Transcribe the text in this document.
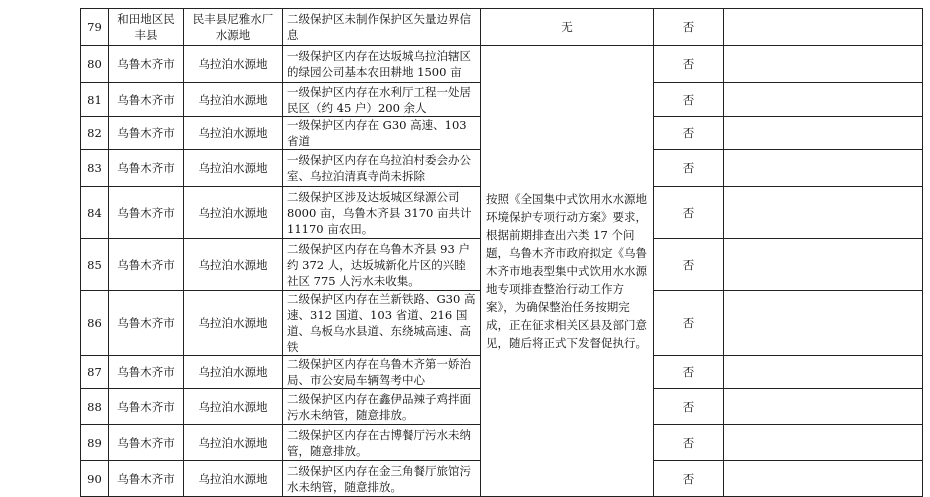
79	和田地区民丰县	民丰县尼雅水厂水源地	二级保护区未制作保护区矢量边界信息	无	否	
80	乌鲁木齐市	乌拉泊水源地	一级保护区内存在达坂城乌拉泊辖区的绿园公司基本农田耕地 1500 亩	按照《全国集中式饮用水水源地环境保护专项行动方案》要求，根据前期排查出六类 17 个问题，乌鲁木齐市政府拟定《乌鲁木齐市地表型集中式饮用水水源地专项排查整治行动工作方案》，为确保整治任务按期完成，正在征求相关区县及部门意见，随后将正式下发督促执行。	否	
81	乌鲁木齐市	乌拉泊水源地	一级保护区内存在水利厅工程一处居民区（约 45 户）200 余人		否	
82	乌鲁木齐市	乌拉泊水源地	一级保护区内存在 G30 高速、103 省道		否	
83	乌鲁木齐市	乌拉泊水源地	一级保护区内存在乌拉泊村委会办公室、乌拉泊清真寺尚未拆除		否	
84	乌鲁木齐市	乌拉泊水源地	二级保护区涉及达坂城区绿源公司 8000 亩，乌鲁木齐县 3170 亩共计 11170 亩农田。		否	
85	乌鲁木齐市	乌拉泊水源地	二级保护区内存在乌鲁木齐县 93 户约 372 人，达坂城新化片区的兴睦社区 775 人污水未收集。		否	
86	乌鲁木齐市	乌拉泊水源地	二级保护区内存在兰新铁路、G30 高速、312 国道、103 省道、216 国道、乌板乌水县道、东绕城高速、高铁		否	
87	乌鲁木齐市	乌拉泊水源地	二级保护区内存在乌鲁木齐第一娇治局、市公安局车辆驾考中心		否	
88	乌鲁木齐市	乌拉泊水源地	二级保护区内存在鑫伊品辣子鸡拌面污水未纳管，随意排放。		否	
89	乌鲁木齐市	乌拉泊水源地	二级保护区内存在古博餐厅污水未纳管，随意排放。		否	
90	乌鲁木齐市	乌拉泊水源地	二级保护区内存在金三角餐厅旅馆污水未纳管，随意排放。		否	
